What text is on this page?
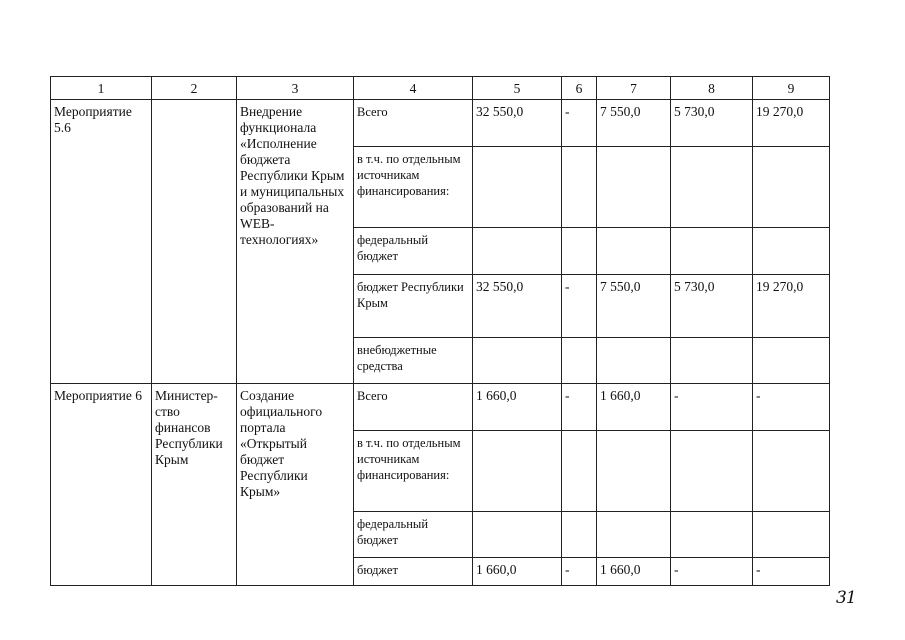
1	2	3	4	5	6	7	8	9
Мероприятие 5.6		Внедрение функционала «Исполнение бюджета Республики Крым и муниципальных образований на WEB-технологиях»	Всего	32 550,0	-	7 550,0	5 730,0	19 270,0
			в т.ч. по отдельным источникам финансирования:					
			федеральный бюджет					
			бюджет Республики Крым	32 550,0	-	7 550,0	5 730,0	19 270,0
			внебюджетные средства					
Мероприятие 6	Министер-ство финансов Республики Крым	Создание официального портала «Открытый бюджет Республики Крым»	Всего	1 660,0	-	1 660,0	-	-
			в т.ч. по отдельным источникам финансирования:					
			федеральный бюджет					
			бюджет	1 660,0	-	1 660,0	-	-
31
